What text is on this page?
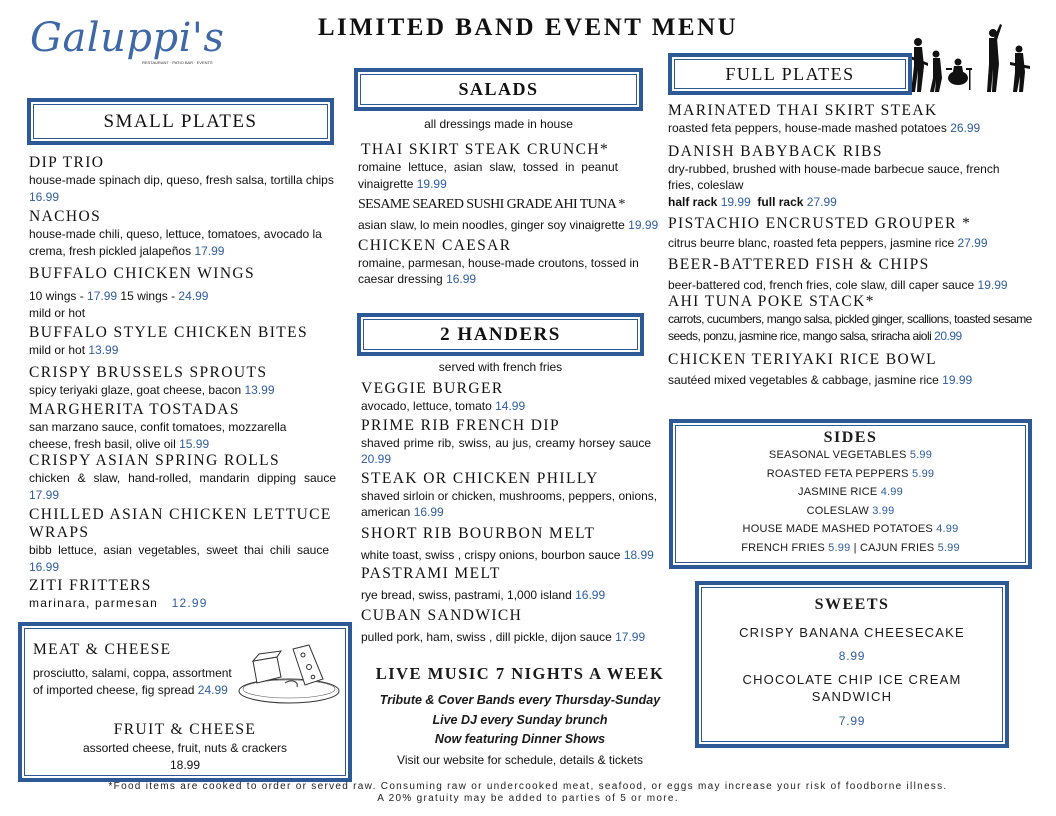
Galuppi's
RESTAURANT · PATIO BAR · EVENTS
LIMITED BAND EVENT MENU
SMALL PLATES
DIP TRIO
house-made spinach dip, queso, fresh salsa, tortilla chips
16.99
NACHOS
house-made chili, queso, lettuce, tomatoes, avocado la crema, fresh pickled jalapeños 17.99
BUFFALO CHICKEN WINGS
10 wings - 17.99 15 wings - 24.99
mild or hot
BUFFALO STYLE CHICKEN BITES
mild or hot 13.99
CRISPY BRUSSELS SPROUTS
spicy teriyaki glaze, goat cheese, bacon 13.99
MARGHERITA TOSTADAS
san marzano sauce, confit tomatoes, mozzarella cheese, fresh basil, olive oil 15.99
CRISPY ASIAN SPRING ROLLS
chicken & slaw, hand-rolled, mandarin dipping sauce 17.99
CHILLED ASIAN CHICKEN LETTUCE WRAPS
bibb lettuce, asian vegetables, sweet thai chili sauce 16.99
ZITI FRITTERS
marinara, parmesan 12.99
MEAT & CHEESE
prosciutto, salami, coppa, assortment of imported cheese, fig spread 24.99
FRUIT & CHEESE
assorted cheese, fruit, nuts & crackers
18.99
SALADS
all dressings made in house
THAI SKIRT STEAK CRUNCH*
romaine lettuce, asian slaw, tossed in peanut vinaigrette 19.99
SESAME SEARED SUSHI GRADE AHI TUNA *
asian slaw, lo mein noodles, ginger soy vinaigrette 19.99
CHICKEN CAESAR
romaine, parmesan, house-made croutons, tossed in caesar dressing 16.99
2 HANDERS
served with french fries
VEGGIE BURGER
avocado, lettuce, tomato 14.99
PRIME RIB FRENCH DIP
shaved prime rib, swiss, au jus, creamy horsey sauce 20.99
STEAK OR CHICKEN PHILLY
shaved sirloin or chicken, mushrooms, peppers, onions, american 16.99
SHORT RIB BOURBON MELT
white toast, swiss , crispy onions, bourbon sauce 18.99
PASTRAMI MELT
rye bread, swiss, pastrami, 1,000 island 16.99
CUBAN SANDWICH
pulled pork, ham, swiss , dill pickle, dijon sauce 17.99
LIVE MUSIC 7 NIGHTS A WEEK
Tribute & Cover Bands every Thursday-Sunday
Live DJ every Sunday brunch
Now featuring Dinner Shows
Visit our website for schedule, details & tickets
FULL PLATES
MARINATED THAI SKIRT STEAK
roasted feta peppers, house-made mashed potatoes 26.99
DANISH BABYBACK RIBS
dry-rubbed, brushed with house-made barbecue sauce, french fries, coleslaw
half rack 19.99 full rack 27.99
PISTACHIO ENCRUSTED GROUPER *
citrus beurre blanc, roasted feta peppers, jasmine rice 27.99
BEER-BATTERED FISH & CHIPS
beer-battered cod, french fries, cole slaw, dill caper sauce 19.99
AHI TUNA POKE STACK*
carrots, cucumbers, mango salsa, pickled ginger, scallions, toasted sesame seeds, ponzu, jasmine rice, mango salsa, sriracha aioli 20.99
CHICKEN TERIYAKI RICE BOWL
sautéed mixed vegetables & cabbage, jasmine rice 19.99
SIDES
SEASONAL VEGETABLES 5.99
ROASTED FETA PEPPERS 5.99
JASMINE RICE 4.99
COLESLAW 3.99
HOUSE MADE MASHED POTATOES 4.99
FRENCH FRIES 5.99 | CAJUN FRIES 5.99
SWEETS
CRISPY BANANA CHEESECAKE
8.99
CHOCOLATE CHIP ICE CREAM SANDWICH
7.99
*Food items are cooked to order or served raw. Consuming raw or undercooked meat, seafood, or eggs may increase your risk of foodborne illness.
A 20% gratuity may be added to parties of 5 or more.
